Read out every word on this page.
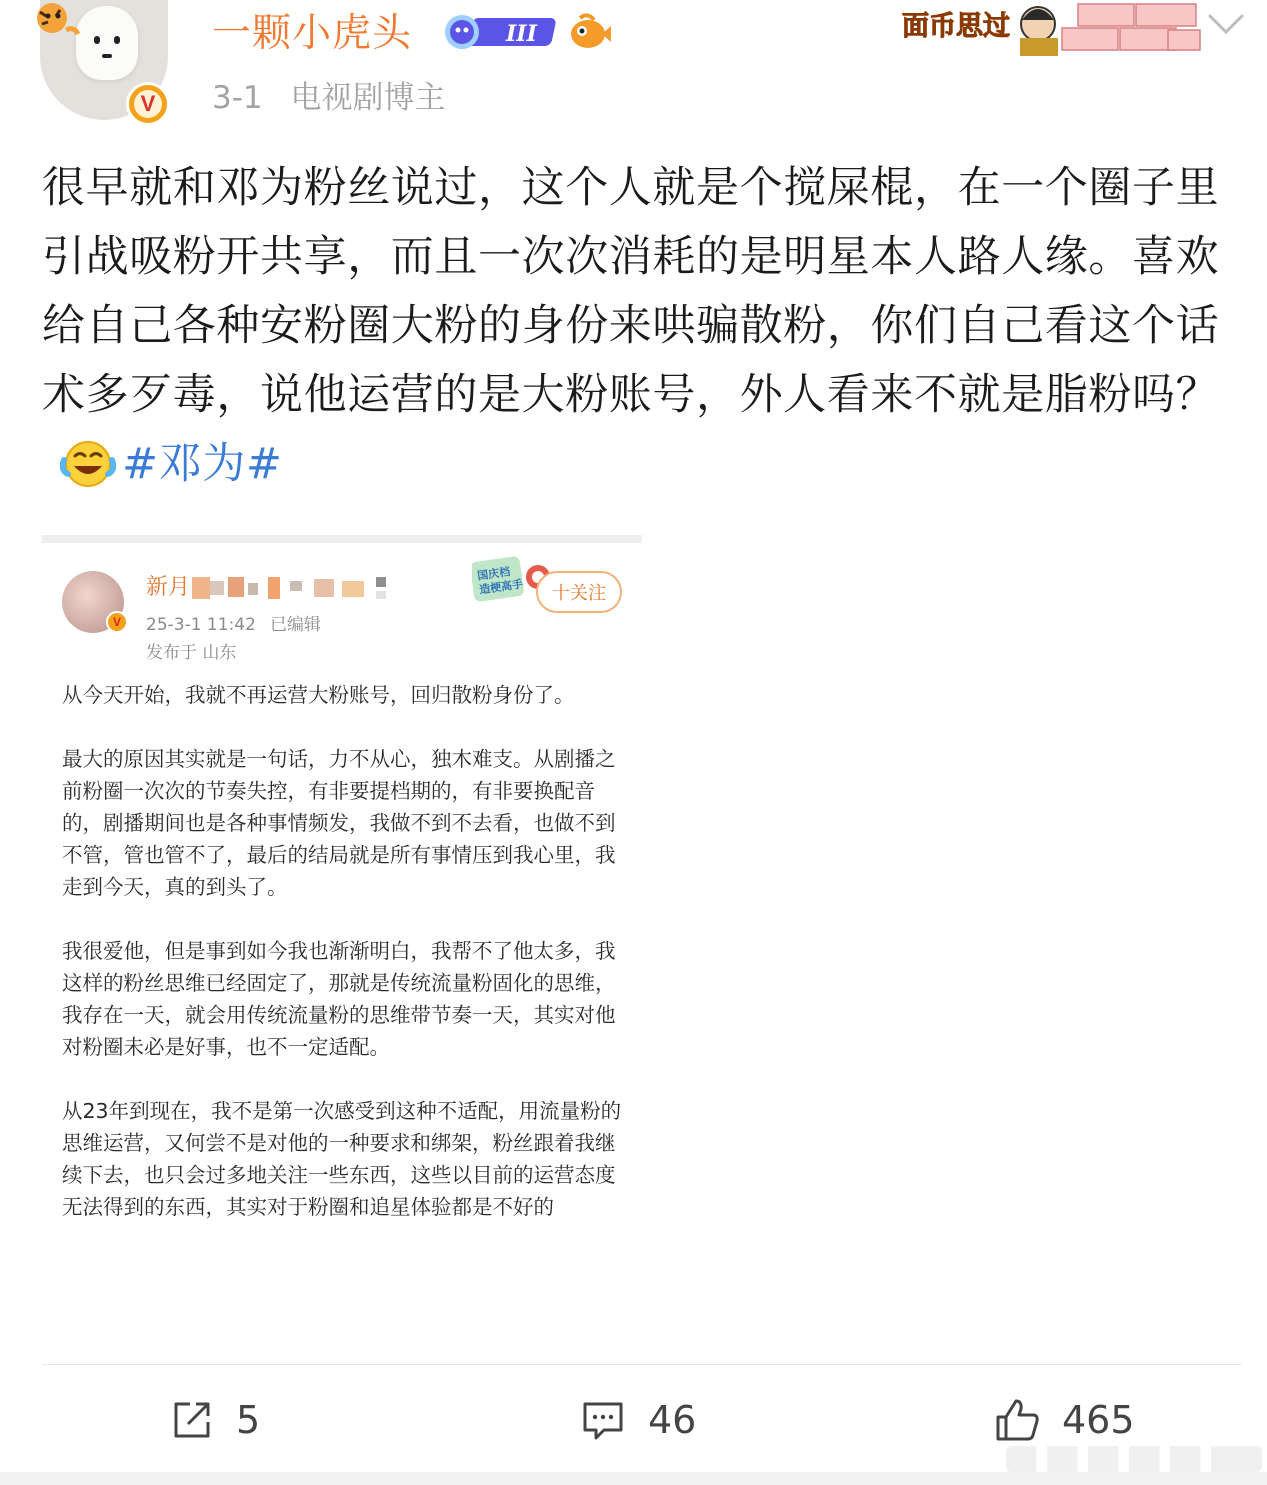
V
一颗小虎头	III
3-1 电视剧博主
面币思过
很早就和邓为粉丝说过，这个人就是个搅屎棍，在一个圈子里引战吸粉开共享，而且一次次消耗的是明星本人路人缘。喜欢给自己各种安粉圈大粉的身份来哄骗散粉，你们自己看这个话术多歹毒，说他运营的是大粉账号，外人看来不就是脂粉吗？#邓为#
V
新月
25-3-1 11:42 已编辑
发布于 山东
国庆档
造梗高手	十关注

从今天开始，我就不再运营大粉账号，回归散粉身份了。

最大的原因其实就是一句话，力不从心，独木难支。从剧播之前粉圈一次次的节奏失控，有非要提档期的，有非要换配音的，剧播期间也是各种事情频发，我做不到不去看，也做不到不管，管也管不了，最后的结局就是所有事情压到我心里，我走到今天，真的到头了。

我很爱他，但是事到如今我也渐渐明白，我帮不了他太多，我这样的粉丝思维已经固定了，那就是传统流量粉固化的思维，我存在一天，就会用传统流量粉的思维带节奏一天，其实对他对粉圈未必是好事，也不一定适配。

从23年到现在，我不是第一次感受到这种不适配，用流量粉的思维运营，又何尝不是对他的一种要求和绑架，粉丝跟着我继续下去，也只会过多地关注一些东西，这些以目前的运营态度无法得到的东西，其实对于粉圈和追星体验都是不好的

5	46	465
